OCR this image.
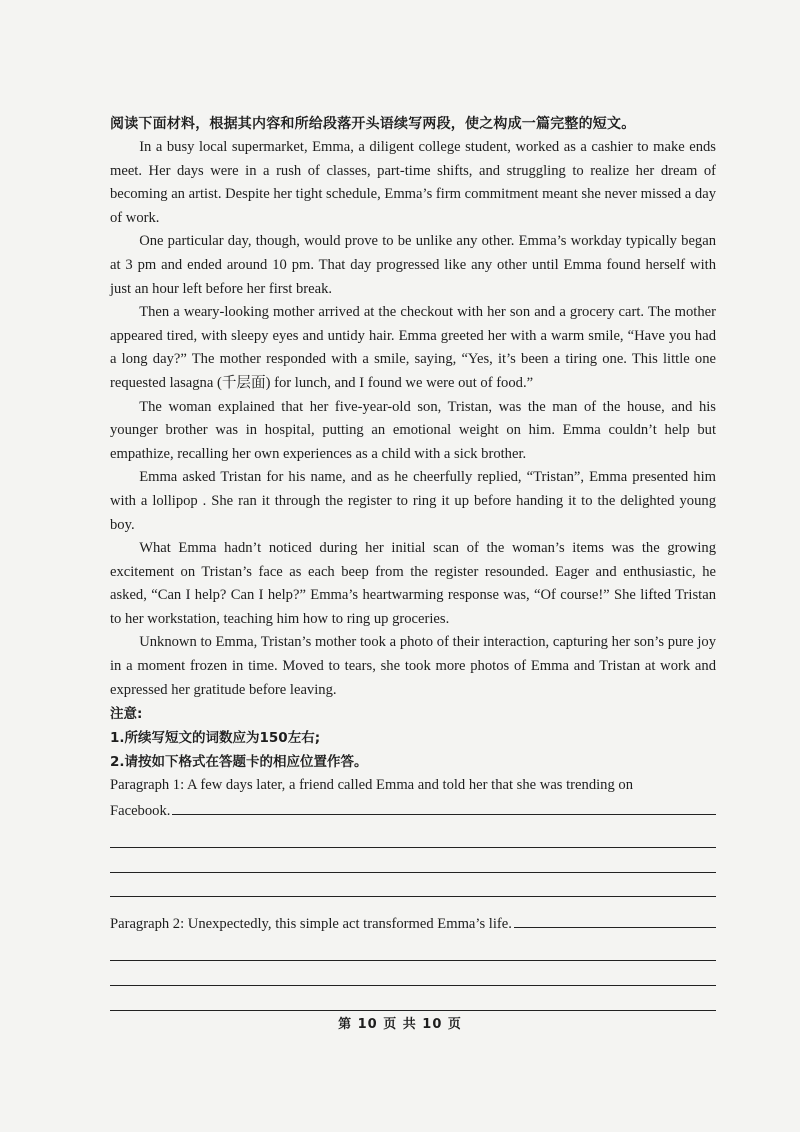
阅读下面材料，根据其内容和所给段落开头语续写两段，使之构成一篇完整的短文。

In a busy local supermarket, Emma, a diligent college student, worked as a cashier to make ends meet. Her days were in a rush of classes, part-time shifts, and struggling to realize her dream of becoming an artist. Despite her tight schedule, Emma’s firm commitment meant she never missed a day of work.

One particular day, though, would prove to be unlike any other. Emma’s workday typically began at 3 pm and ended around 10 pm. That day progressed like any other until Emma found herself with just an hour left before her first break.

Then a weary-looking mother arrived at the checkout with her son and a grocery cart. The mother appeared tired, with sleepy eyes and untidy hair. Emma greeted her with a warm smile, “Have you had a long day?” The mother responded with a smile, saying, “Yes, it’s been a tiring one. This little one requested lasagna (千层面) for lunch, and I found we were out of food.”

The woman explained that her five-year-old son, Tristan, was the man of the house, and his younger brother was in hospital, putting an emotional weight on him. Emma couldn’t help but empathize, recalling her own experiences as a child with a sick brother.

Emma asked Tristan for his name, and as he cheerfully replied, “Tristan”, Emma presented him with a lollipop . She ran it through the register to ring it up before handing it to the delighted young boy.

What Emma hadn’t noticed during her initial scan of the woman’s items was the growing excitement on Tristan’s face as each beep from the register resounded. Eager and enthusiastic, he asked, “Can I help? Can I help?” Emma’s heartwarming response was, “Of course!” She lifted Tristan to her workstation, teaching him how to ring up groceries.

Unknown to Emma, Tristan’s mother took a photo of their interaction, capturing her son’s pure joy in a moment frozen in time. Moved to tears, she took more photos of Emma and Tristan at work and expressed her gratitude before leaving.

注意:

1.所续写短文的词数应为150左右;

2.请按如下格式在答题卡的相应位置作答。

Paragraph 1: A few days later, a friend called Emma and told her that she was trending on

Facebook.
Paragraph 2: Unexpectedly, this simple act transformed Emma’s life.
第 10 页 共 10 页
